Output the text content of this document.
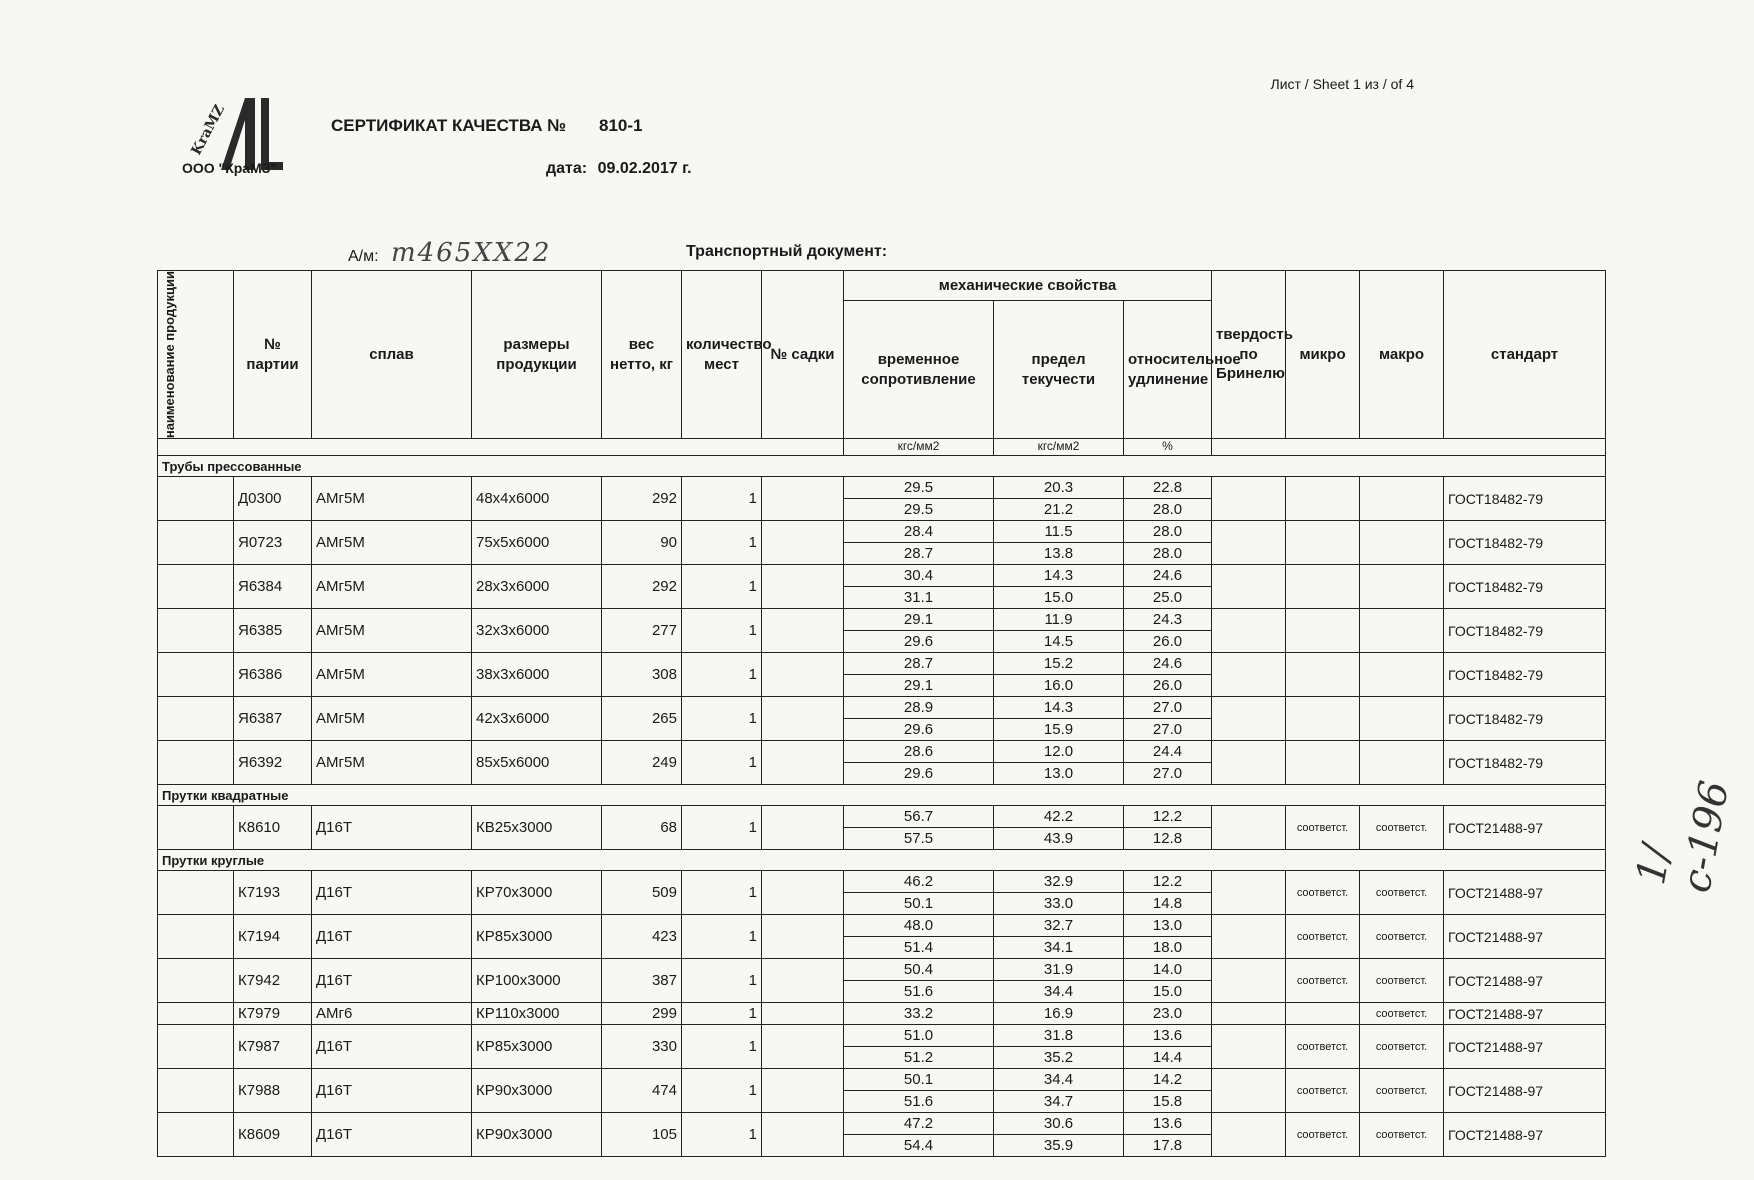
Лист / Sheet 1 из / of 4
KraMZ
ООО "КраМЗ"
СЕРТИФИКАТ КАЧЕСТВА № 810-1
дата: 09.02.2017 г.
А/м: т465ХХ22	Транспортный документ:
1/с-196
наименование продукции	№ партии	сплав	размеры продукции	вес нетто, кг	количество мест	№ садки	механические свойства			твердость по Бринелю	микро	макро	стандарт
							временное сопротивление	предел текучести	относительное удлинение				
							кгс/мм2	кгс/мм2	%				
Трубы прессованные													
	Д0300	АМг5М	48x4x6000	292	1		29.5	20.3	22.8				ГОСТ18482-79
							29.5	21.2	28.0				
	Я0723	АМг5М	75x5x6000	90	1		28.4	11.5	28.0				ГОСТ18482-79
							28.7	13.8	28.0				
	Я6384	АМг5М	28x3x6000	292	1		30.4	14.3	24.6				ГОСТ18482-79
							31.1	15.0	25.0				
	Я6385	АМг5М	32x3x6000	277	1		29.1	11.9	24.3				ГОСТ18482-79
							29.6	14.5	26.0				
	Я6386	АМг5М	38x3x6000	308	1		28.7	15.2	24.6				ГОСТ18482-79
							29.1	16.0	26.0				
	Я6387	АМг5М	42x3x6000	265	1		28.9	14.3	27.0				ГОСТ18482-79
							29.6	15.9	27.0				
	Я6392	АМг5М	85x5x6000	249	1		28.6	12.0	24.4				ГОСТ18482-79
							29.6	13.0	27.0				
Прутки квадратные													
	К8610	Д16Т	КВ25x3000	68	1		56.7	42.2	12.2		соответст.	соответст.	ГОСТ21488-97
							57.5	43.9	12.8				
Прутки круглые													
	К7193	Д16Т	КР70x3000	509	1		46.2	32.9	12.2		соответст.	соответст.	ГОСТ21488-97
							50.1	33.0	14.8				
	К7194	Д16Т	КР85x3000	423	1		48.0	32.7	13.0		соответст.	соответст.	ГОСТ21488-97
							51.4	34.1	18.0				
	К7942	Д16Т	КР100x3000	387	1		50.4	31.9	14.0		соответст.	соответст.	ГОСТ21488-97
							51.6	34.4	15.0				
	К7979	АМг6	КР110x3000	299	1		33.2	16.9	23.0			соответст.	ГОСТ21488-97
	К7987	Д16Т	КР85x3000	330	1		51.0	31.8	13.6		соответст.	соответст.	ГОСТ21488-97
							51.2	35.2	14.4				
	К7988	Д16Т	КР90x3000	474	1		50.1	34.4	14.2		соответст.	соответст.	ГОСТ21488-97
							51.6	34.7	15.8				
	К8609	Д16Т	КР90x3000	105	1		47.2	30.6	13.6		соответст.	соответст.	ГОСТ21488-97
							54.4	35.9	17.8				
